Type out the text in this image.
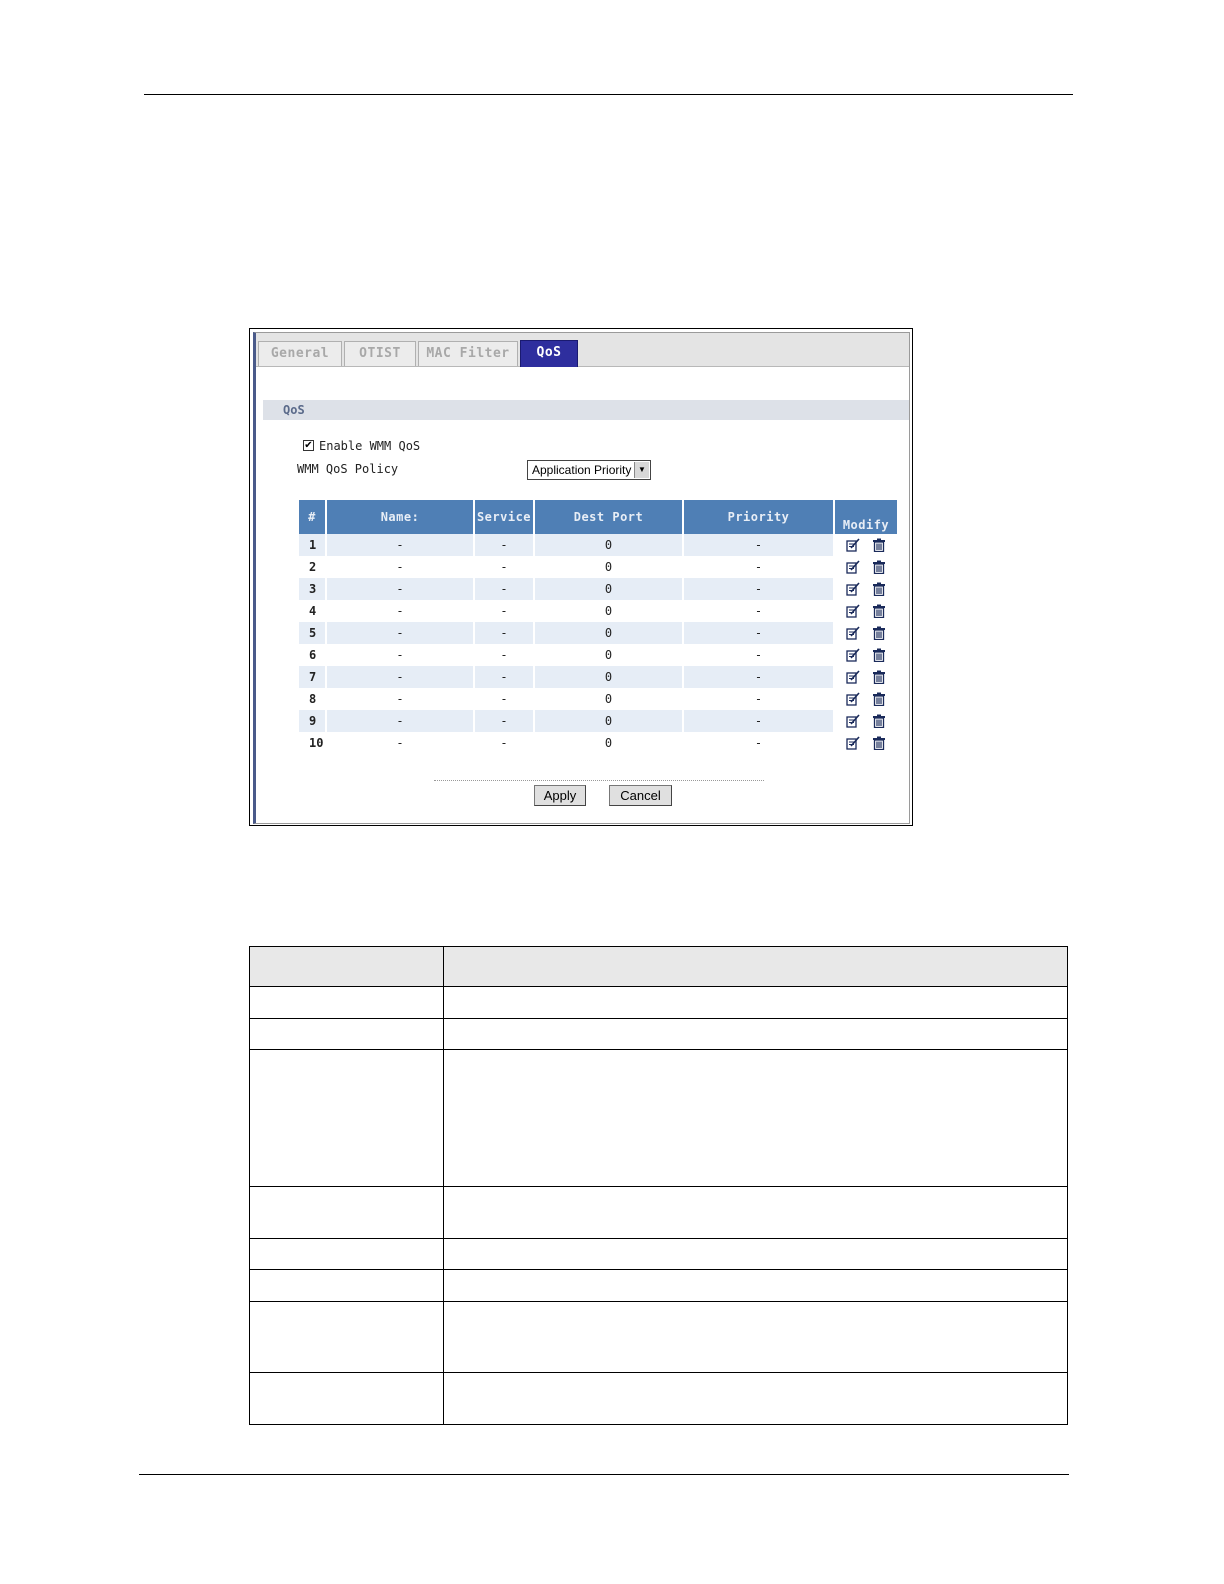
General	OTIST	MAC Filter	QoS
QoS
✔ Enable WMM QoS
WMM QoS Policy	Application Priority ▼
#	Name:	Service	Dest Port	Priority	Modify
1	-	-	0	-	
2	-	-	0	-	
3	-	-	0	-	
4	-	-	0	-	
5	-	-	0	-	
6	-	-	0	-	
7	-	-	0	-	
8	-	-	0	-	
9	-	-	0	-	
10	-	-	0	-	
Apply	Cancel
